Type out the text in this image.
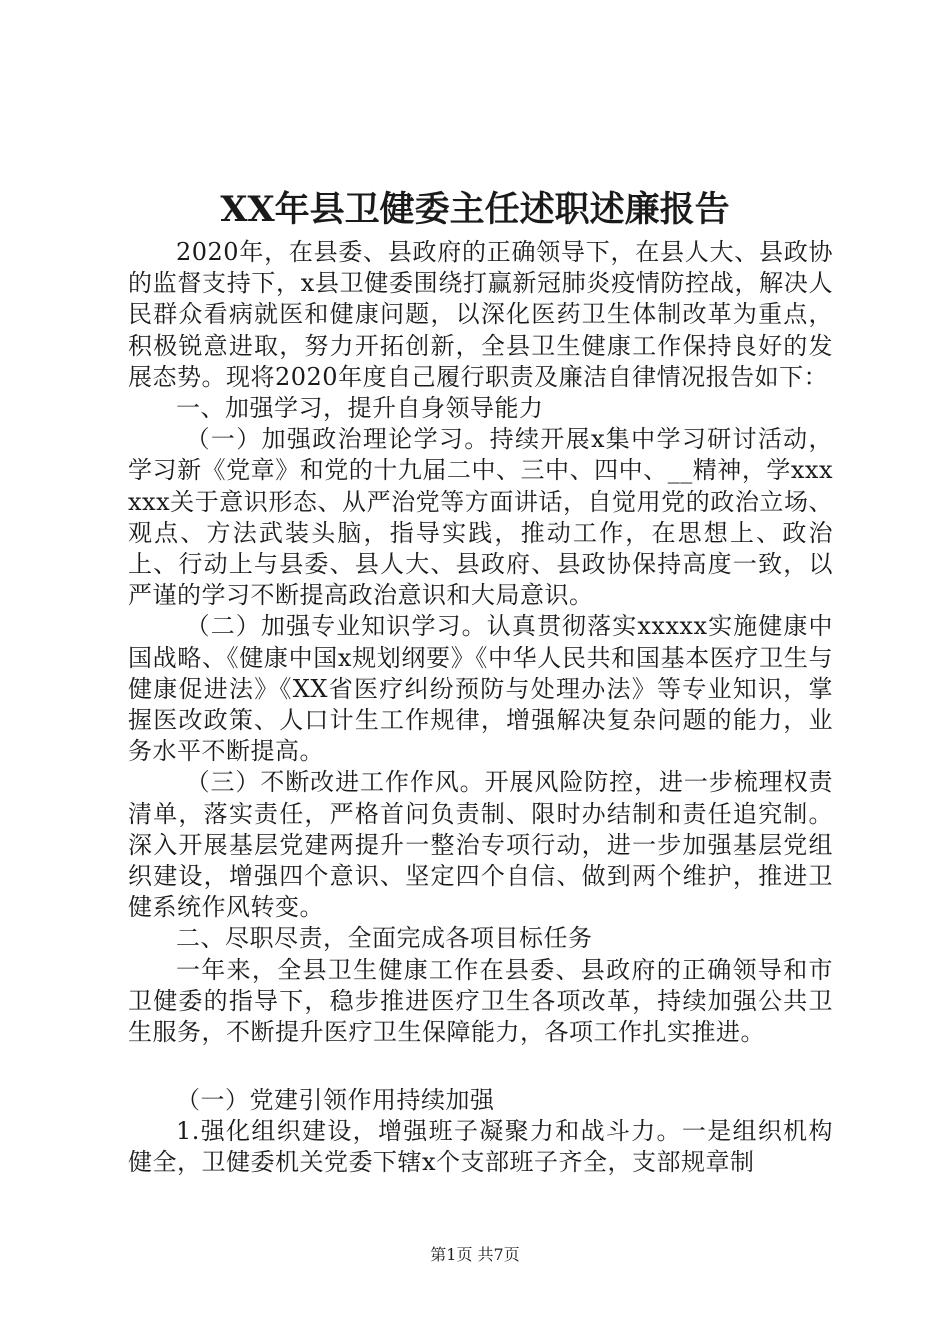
XX年县卫健委主任述职述廉报告

2020年，在县委、县政府的正确领导下，在县人大、县政协的监督支持下，x县卫健委围绕打赢新冠肺炎疫情防控战，解决人民群众看病就医和健康问题，以深化医药卫生体制改革为重点，积极锐意进取，努力开拓创新，全县卫生健康工作保持良好的发展态势。现将2020年度自己履行职责及廉洁自律情况报告如下：

一、加强学习，提升自身领导能力

（一）加强政治理论学习。持续开展x集中学习研讨活动，学习新《党章》和党的十九届二中、三中、四中、__精神，学xxxxxx关于意识形态、从严治党等方面讲话，自觉用党的政治立场、观点、方法武装头脑，指导实践，推动工作，在思想上、政治上、行动上与县委、县人大、县政府、县政协保持高度一致，以严谨的学习不断提高政治意识和大局意识。

（二）加强专业知识学习。认真贯彻落实xxxxx实施健康中国战略、《健康中国x规划纲要》《中华人民共和国基本医疗卫生与健康促进法》《XX省医疗纠纷预防与处理办法》等专业知识，掌握医改政策、人口计生工作规律，增强解决复杂问题的能力，业务水平不断提高。

（三）不断改进工作作风。开展风险防控，进一步梳理权责清单，落实责任，严格首问负责制、限时办结制和责任追究制。深入开展基层党建两提升一整治专项行动，进一步加强基层党组织建设，增强四个意识、坚定四个自信、做到两个维护，推进卫健系统作风转变。

二、尽职尽责，全面完成各项目标任务

一年来，全县卫生健康工作在县委、县政府的正确领导和市卫健委的指导下，稳步推进医疗卫生各项改革，持续加强公共卫生服务，不断提升医疗卫生保障能力，各项工作扎实推进。

（一）党建引领作用持续加强

1.强化组织建设，增强班子凝聚力和战斗力。一是组织机构健全，卫健委机关党委下辖x个支部班子齐全，支部规章制

第1页 共7页
